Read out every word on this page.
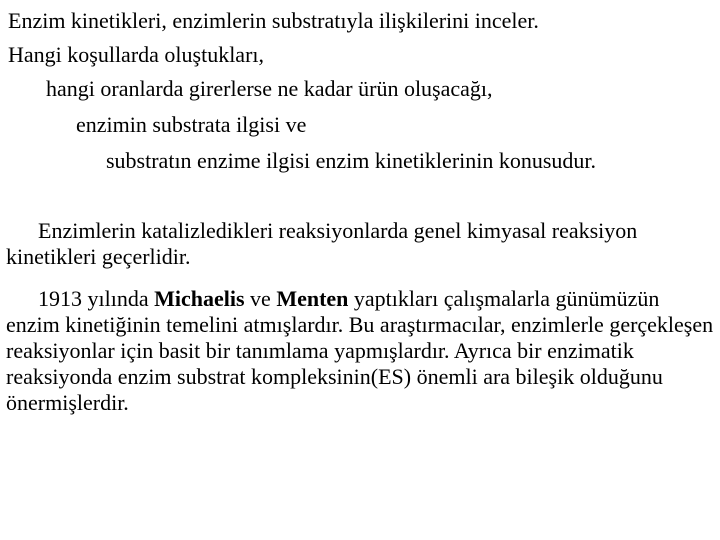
Enzim kinetikleri, enzimlerin substratıyla ilişkilerini inceler.
Hangi koşullarda oluştukları,
hangi oranlarda girerlerse ne kadar ürün oluşacağı,
enzimin substrata ilgisi ve
substratın enzime ilgisi enzim kinetiklerinin konusudur.

Enzimlerin katalizledikleri reaksiyonlarda genel kimyasal reaksiyon kinetikleri geçerlidir.

1913 yılında Michaelis ve Menten yaptıkları çalışmalarla günümüzün enzim kinetiğinin temelini atmışlardır. Bu araştırmacılar, enzimlerle gerçekleşen reaksiyonlar için basit bir tanımlama yapmışlardır. Ayrıca bir enzimatik reaksiyonda enzim substrat kompleksinin(ES) önemli ara bileşik olduğunu önermişlerdir.
